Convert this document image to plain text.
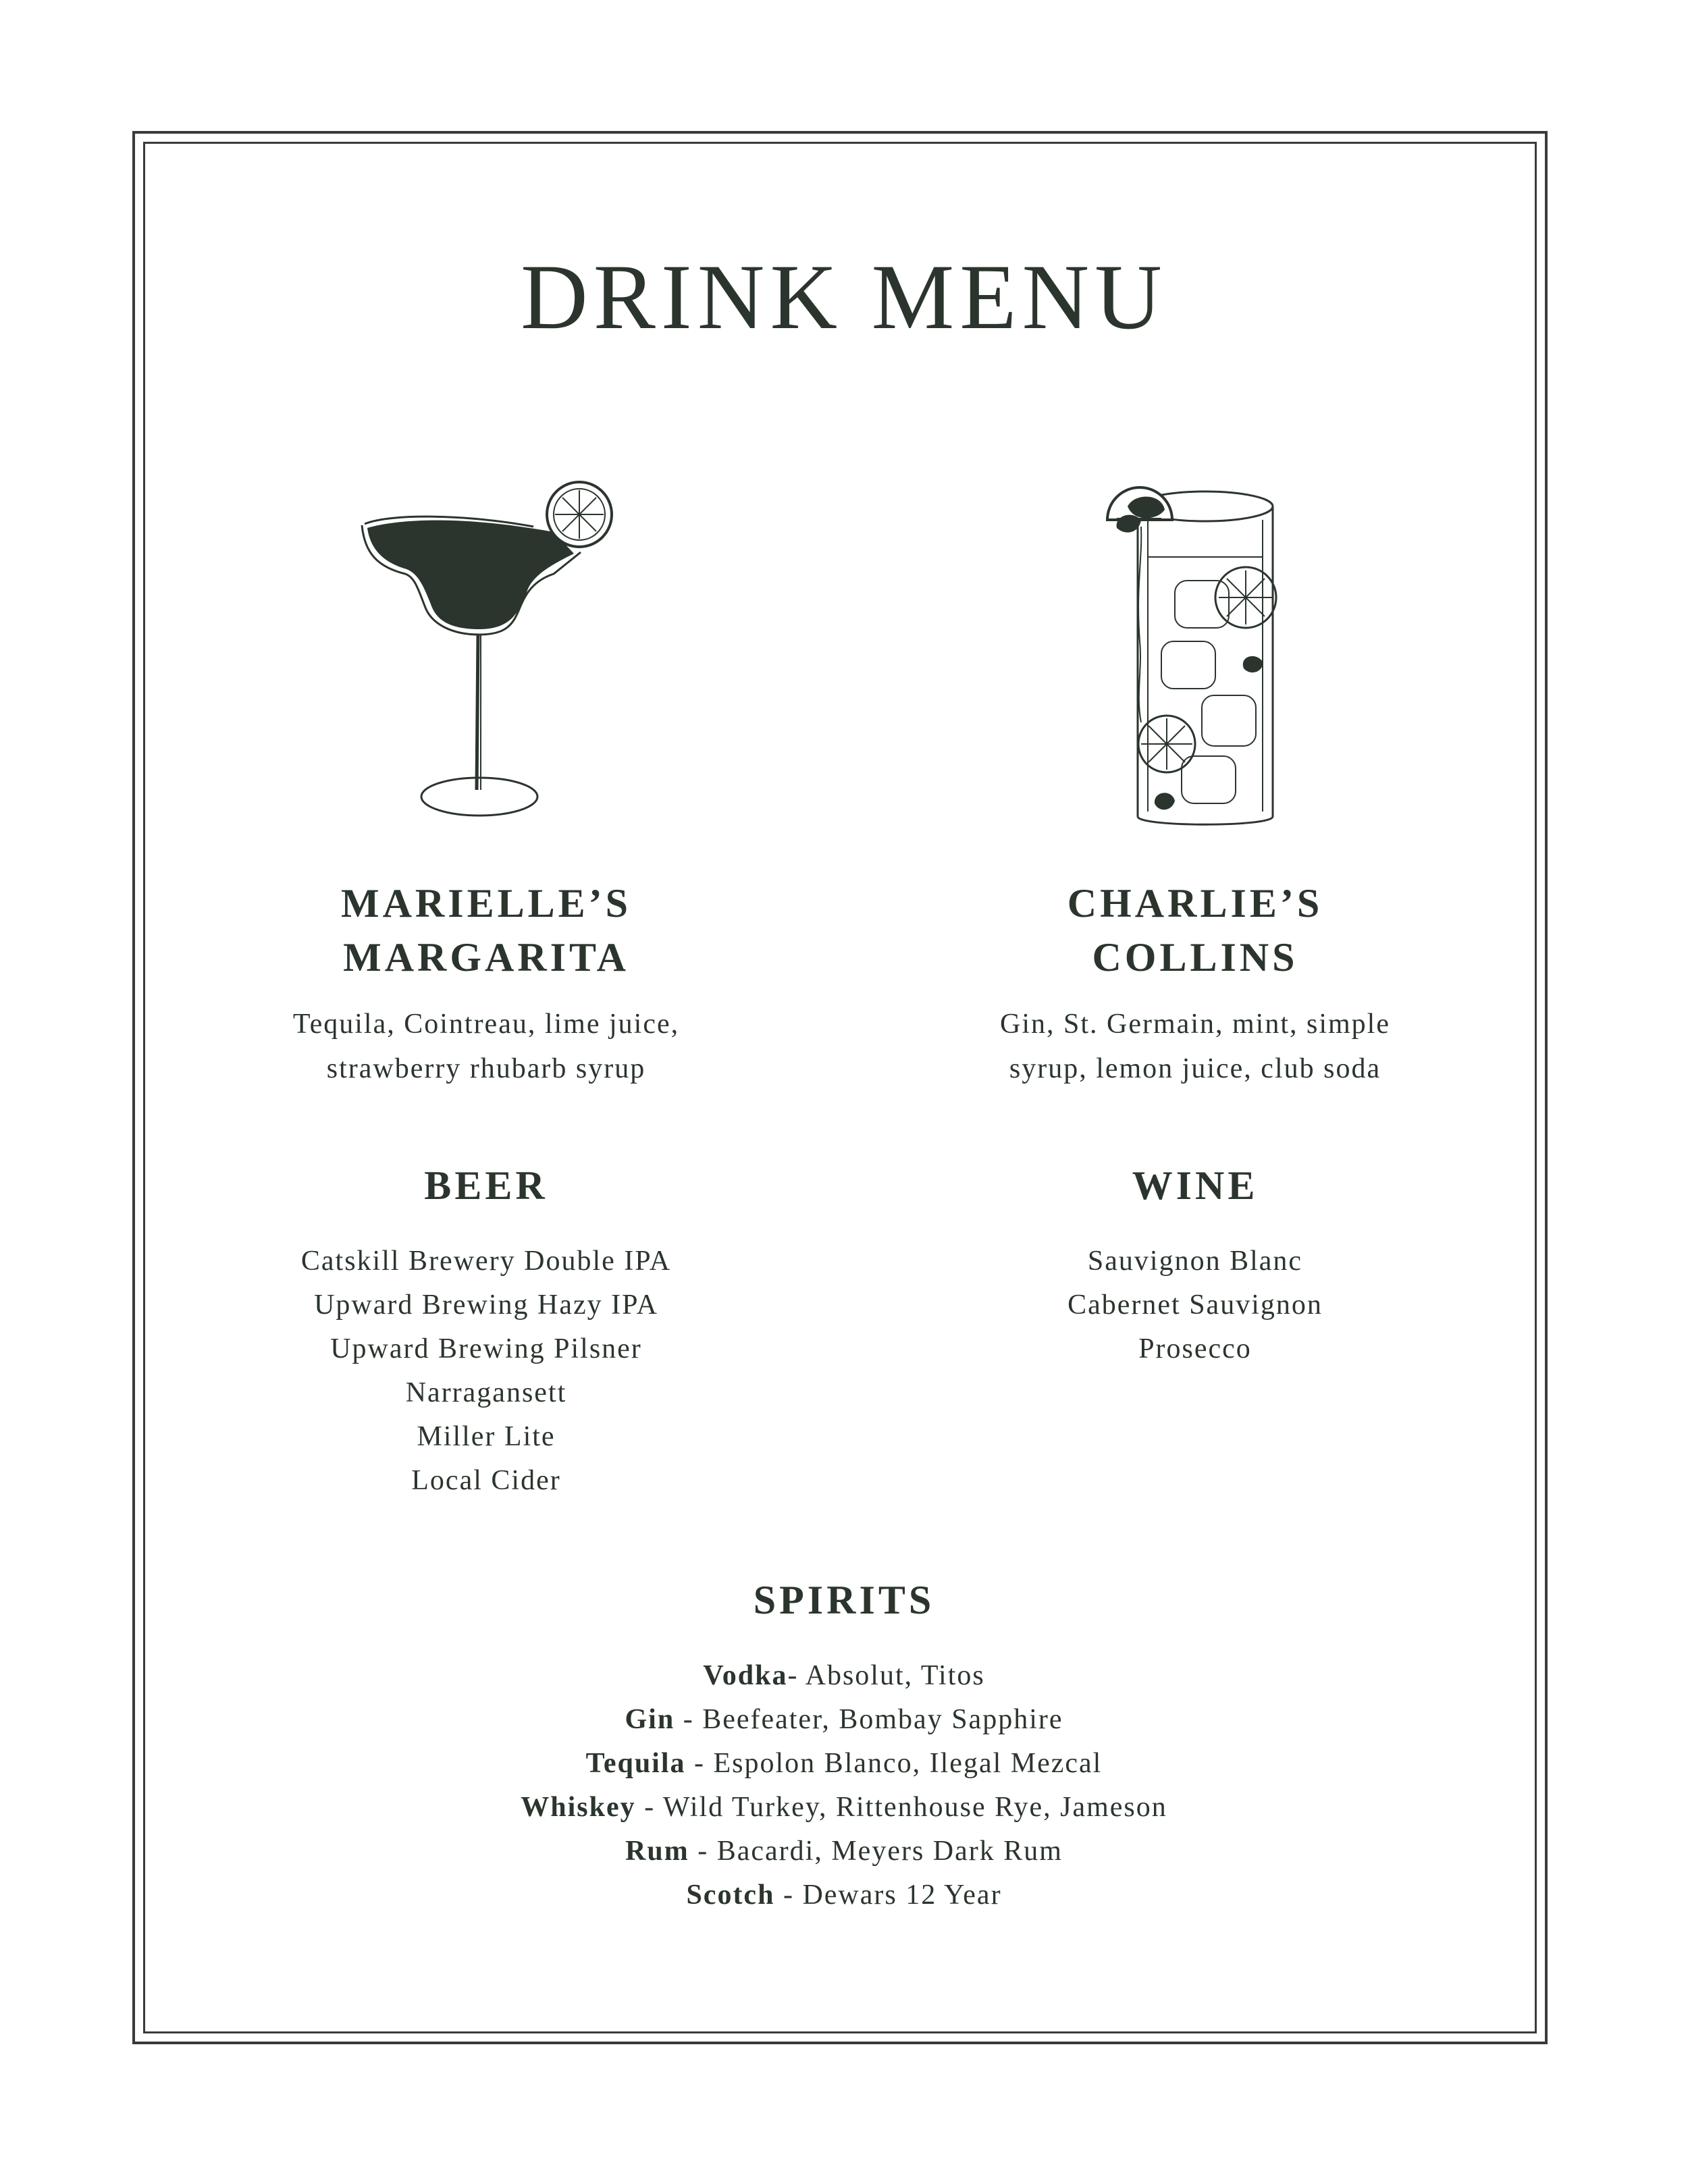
DRINK MENU
MARIELLE’S
MARGARITA
Tequila, Cointreau, lime juice,
strawberry rhubarb syrup
CHARLIE’S
COLLINS
Gin, St. Germain, mint, simple
syrup, lemon juice, club soda
BEER
Catskill Brewery Double IPA
Upward Brewing Hazy IPA
Upward Brewing Pilsner
Narragansett
Miller Lite
Local Cider
WINE
Sauvignon Blanc
Cabernet Sauvignon
Prosecco
SPIRITS
Vodka- Absolut, Titos
Gin - Beefeater, Bombay Sapphire
Tequila - Espolon Blanco, Ilegal Mezcal
Whiskey - Wild Turkey, Rittenhouse Rye, Jameson
Rum - Bacardi, Meyers Dark Rum
Scotch - Dewars 12 Year
